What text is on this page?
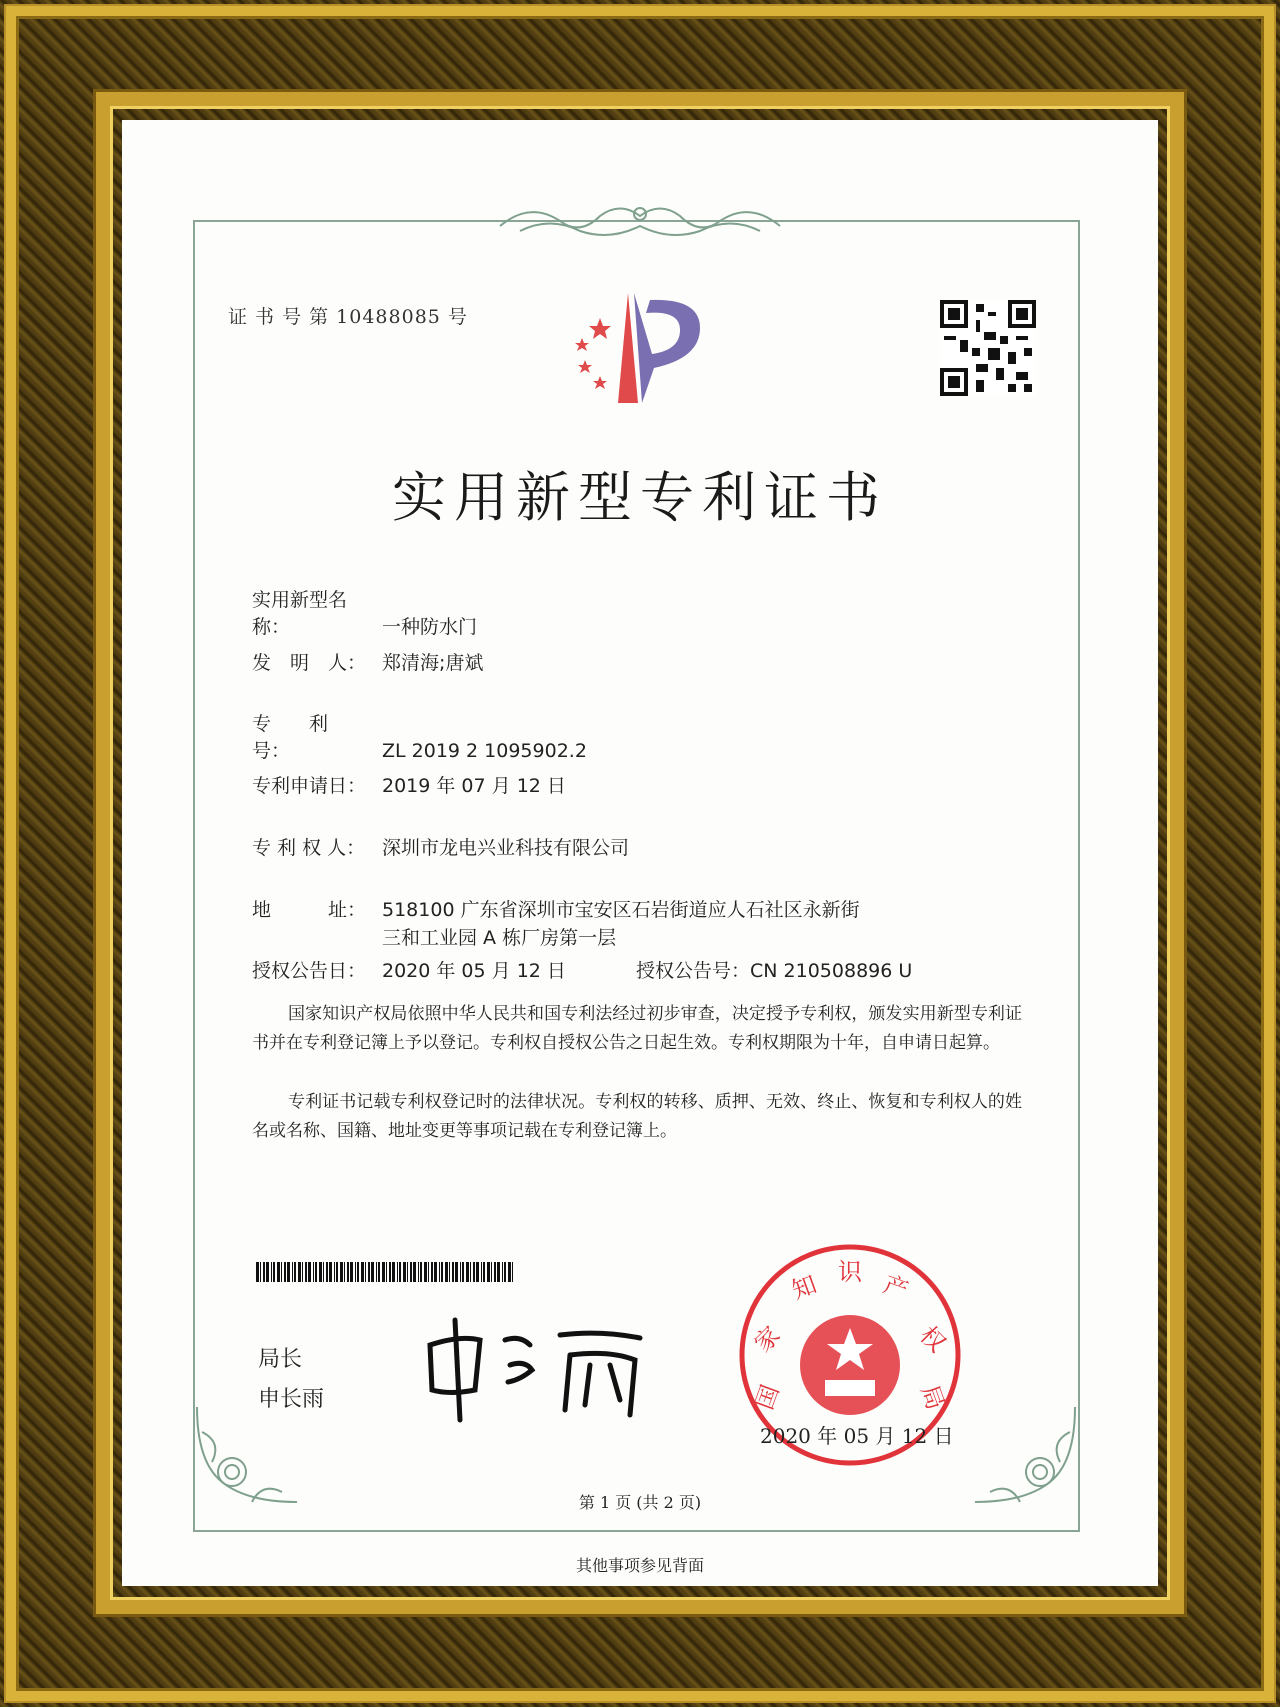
证 书 号 第 10488085 号
实用新型专利证书
实用新型名称：	一种防水门
发　明　人： 郑清海;唐斌
专　　利　号：	ZL 2019 2 1095902.2
专利申请日： 2019 年 07 月 12 日
专 利 权 人： 深圳市龙电兴业科技有限公司
地　　　址： 518100 广东省深圳市宝安区石岩街道应人石社区永新街
三和工业园 A 栋厂房第一层
授权公告日： 2020 年 05 月 12 日	授权公告号：CN 210508896 U
国家知识产权局依照中华人民共和国专利法经过初步审查，决定授予专利权，颁发实用新型专利证书并在专利登记簿上予以登记。专利权自授权公告之日起生效。专利权期限为十年，自申请日起算。
专利证书记载专利权登记时的法律状况。专利权的转移、质押、无效、终止、恢复和专利权人的姓名或名称、国籍、地址变更等事项记载在专利登记簿上。
局长
申长雨	国
家
知 识 产
权
局
2020 年 05 月 12 日
第 1 页 (共 2 页)
其他事项参见背面
